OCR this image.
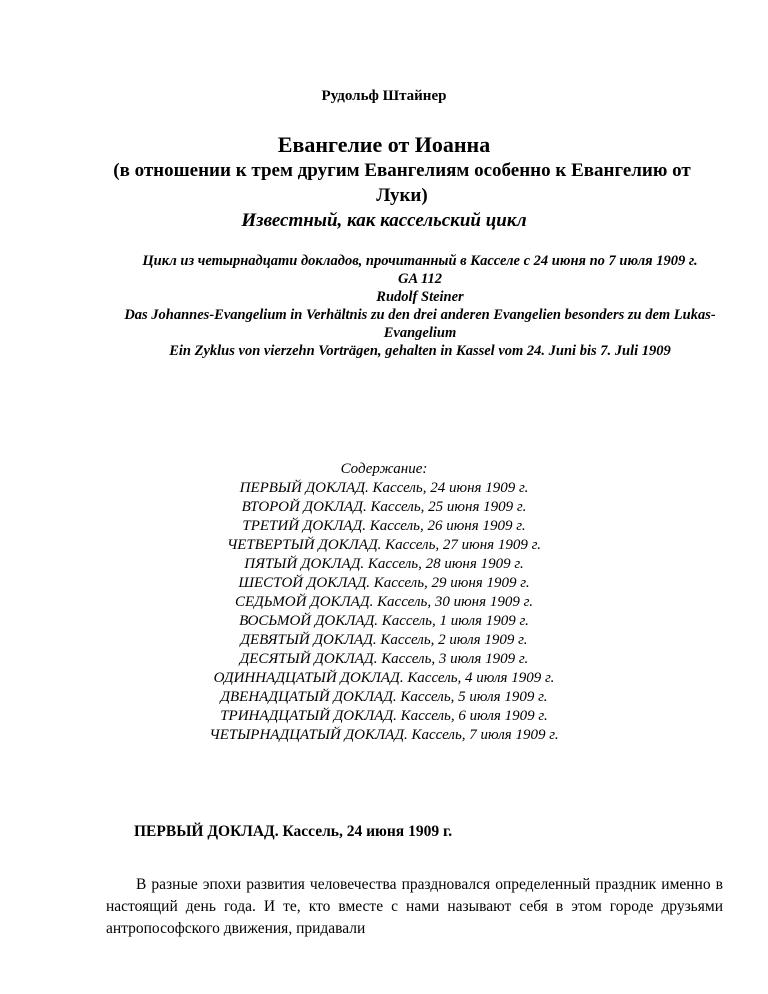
Рудольф Штайнер
Евангелие от Иоанна
(в отношении к трем другим Евангелиям особенно к Евангелию от Луки)
Известный, как кассельский цикл
Цикл из четырнадцати докладов, прочитанный в Касселе с 24 июня по 7 июля 1909 г.
GA 112
Rudolf Steiner
Das Johannes-Evangelium in Verhältnis zu den drei anderen Evangelien besonders zu dem Lukas-Evangelium
Ein Zyklus von vierzehn Vorträgen, gehalten in Kassel vom 24. Juni bis 7. Juli 1909
Содержание:
ПЕРВЫЙ ДОКЛАД. Кассель, 24 июня 1909 г.
ВТОРОЙ ДОКЛАД. Кассель, 25 июня 1909 г.
ТРЕТИЙ ДОКЛАД. Кассель, 26 июня 1909 г.
ЧЕТВЕРТЫЙ ДОКЛАД. Кассель, 27 июня 1909 г.
ПЯТЫЙ ДОКЛАД. Кассель, 28 июня 1909 г.
ШЕСТОЙ ДОКЛАД. Кассель, 29 июня 1909 г.
СЕДЬМОЙ ДОКЛАД. Кассель, 30 июня 1909 г.
ВОСЬМОЙ ДОКЛАД. Кассель, 1 июля 1909 г.
ДЕВЯТЫЙ ДОКЛАД. Кассель, 2 июля 1909 г.
ДЕСЯТЫЙ ДОКЛАД. Кассель, 3 июля 1909 г.
ОДИННАДЦАТЫЙ ДОКЛАД. Кассель, 4 июля 1909 г.
ДВЕНАДЦАТЫЙ ДОКЛАД. Кассель, 5 июля 1909 г.
ТРИНАДЦАТЫЙ ДОКЛАД. Кассель, 6 июля 1909 г.
ЧЕТЫРНАДЦАТЫЙ ДОКЛАД. Кассель, 7 июля 1909 г.
ПЕРВЫЙ ДОКЛАД. Кассель, 24 июня 1909 г.

В разные эпохи развития человечества праздновался определенный праздник именно в настоящий день года. И те, кто вместе с нами называют себя в этом городе друзьями антропософского движения, придавали
